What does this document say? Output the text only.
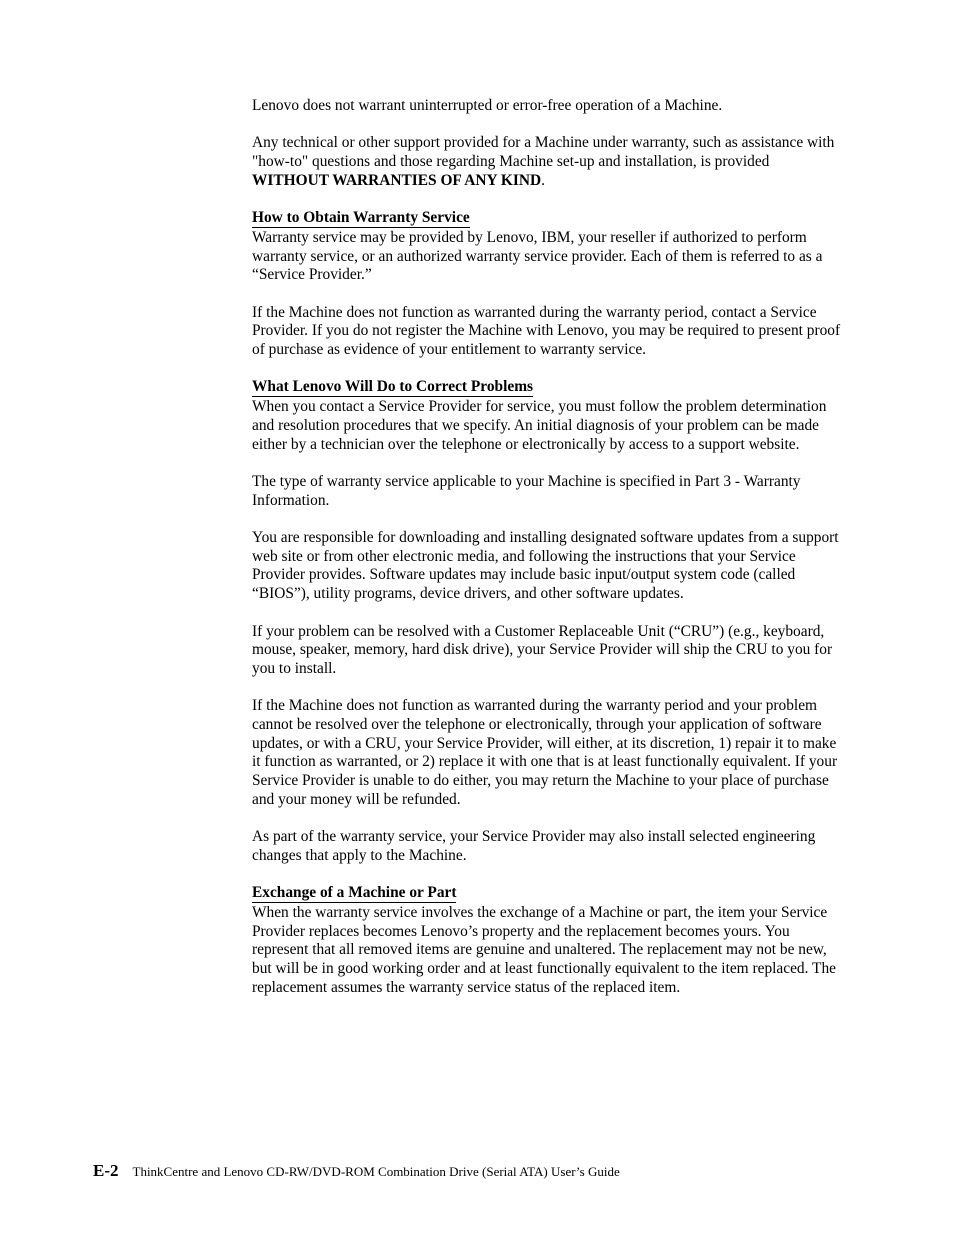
Lenovo does not warrant uninterrupted or error-free operation of a Machine.

Any technical or other support provided for a Machine under warranty, such as assistance with "how-to" questions and those regarding Machine set-up and installation, is provided WITHOUT WARRANTIES OF ANY KIND.

How to Obtain Warranty Service

Warranty service may be provided by Lenovo, IBM, your reseller if authorized to perform warranty service, or an authorized warranty service provider. Each of them is referred to as a “Service Provider.”

If the Machine does not function as warranted during the warranty period, contact a Service Provider. If you do not register the Machine with Lenovo, you may be required to present proof of purchase as evidence of your entitlement to warranty service.

What Lenovo Will Do to Correct Problems

When you contact a Service Provider for service, you must follow the problem determination and resolution procedures that we specify. An initial diagnosis of your problem can be made either by a technician over the telephone or electronically by access to a support website.

The type of warranty service applicable to your Machine is specified in Part 3 - Warranty Information.

You are responsible for downloading and installing designated software updates from a support web site or from other electronic media, and following the instructions that your Service Provider provides. Software updates may include basic input/output system code (called “BIOS”), utility programs, device drivers, and other software updates.

If your problem can be resolved with a Customer Replaceable Unit (“CRU”) (e.g., keyboard, mouse, speaker, memory, hard disk drive), your Service Provider will ship the CRU to you for you to install.

If the Machine does not function as warranted during the warranty period and your problem cannot be resolved over the telephone or electronically, through your application of software updates, or with a CRU, your Service Provider, will either, at its discretion, 1) repair it to make it function as warranted, or 2) replace it with one that is at least functionally equivalent. If your Service Provider is unable to do either, you may return the Machine to your place of purchase and your money will be refunded.

As part of the warranty service, your Service Provider may also install selected engineering changes that apply to the Machine.

Exchange of a Machine or Part

When the warranty service involves the exchange of a Machine or part, the item your Service Provider replaces becomes Lenovo’s property and the replacement becomes yours. You represent that all removed items are genuine and unaltered. The replacement may not be new, but will be in good working order and at least functionally equivalent to the item replaced. The replacement assumes the warranty service status of the replaced item.

E-2 ThinkCentre and Lenovo CD-RW/DVD-ROM Combination Drive (Serial ATA) User’s Guide
